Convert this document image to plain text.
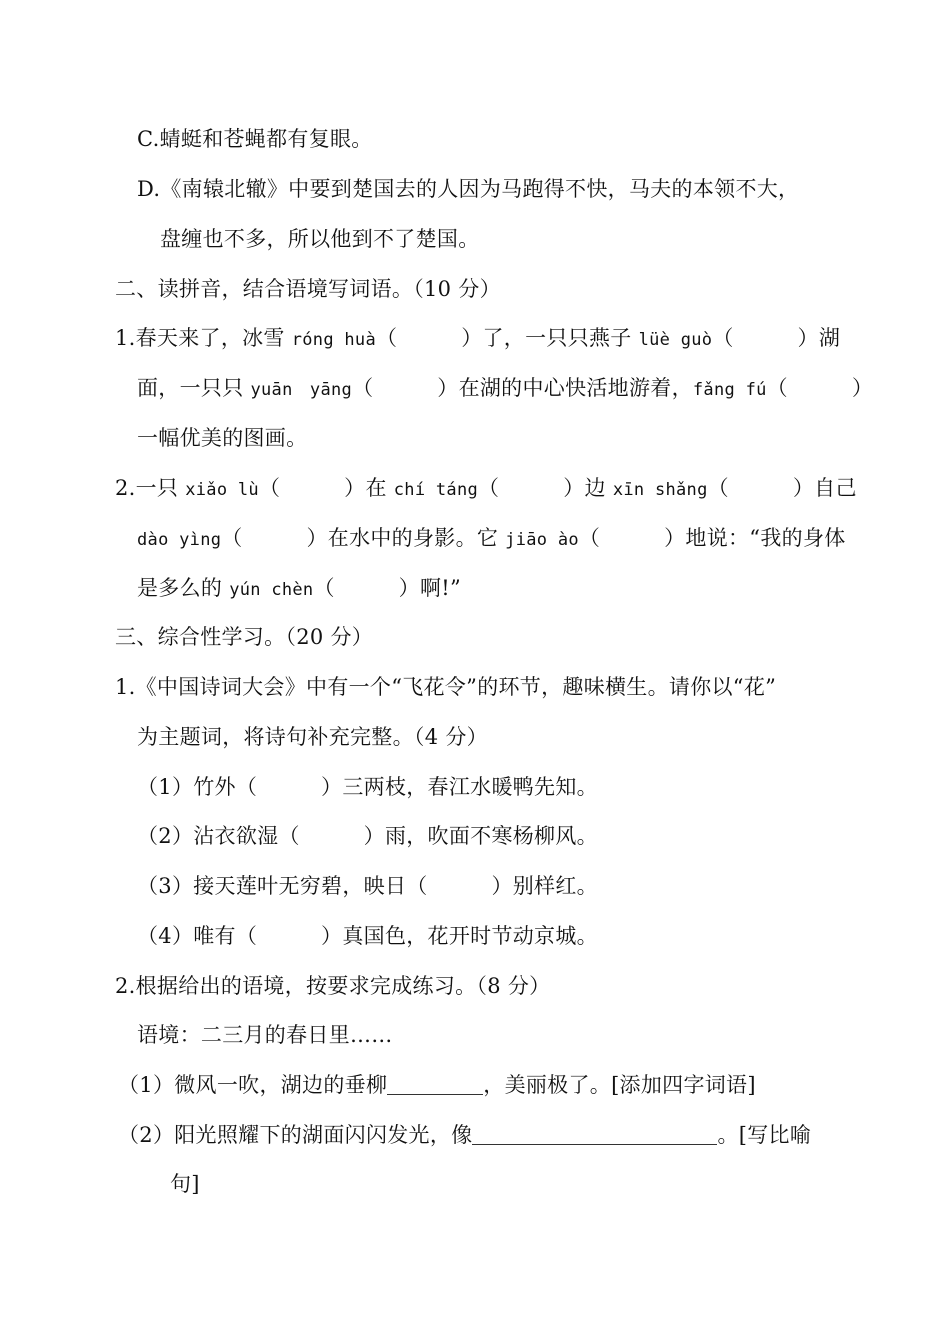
C.蜻蜓和苍蝇都有复眼。
D.《南辕北辙》中要到楚国去的人因为马跑得不快，马夫的本领不大，
盘缠也不多，所以他到不了楚国。
二、读拼音，结合语境写词语。（10 分）
1.春天来了，冰雪 róng huà（　　　）了，一只只燕子 lüè guò（　　　）湖
面，一只只 yuān　yāng（　　　）在湖的中心快活地游着，fǎng fú（　　　）
一幅优美的图画。
2.一只 xiǎo lù（　　　）在 chí táng（　　　）边 xīn shǎng（　　　）自己
dào yìng（　　　）在水中的身影。它 jiāo ào（　　　）地说：“我的身体
是多么的 yún chèn（　　　）啊!”
三、综合性学习。（20 分）
1.《中国诗词大会》中有一个“飞花令”的环节，趣味横生。请你以“花”
为主题词，将诗句补充完整。（4 分）
（1）竹外（　　　）三两枝，春江水暖鸭先知。
（2）沾衣欲湿（　　　）雨，吹面不寒杨柳风。
（3）接天莲叶无穷碧，映日（　　　）别样红。
（4）唯有（　　　）真国色，花开时节动京城。
2.根据给出的语境，按要求完成练习。（8 分）
语境：二三月的春日里……
（1）微风一吹，湖边的垂柳	，美丽极了。[添加四字词语]
（2）阳光照耀下的湖面闪闪发光，像	。[写比喻
句]
